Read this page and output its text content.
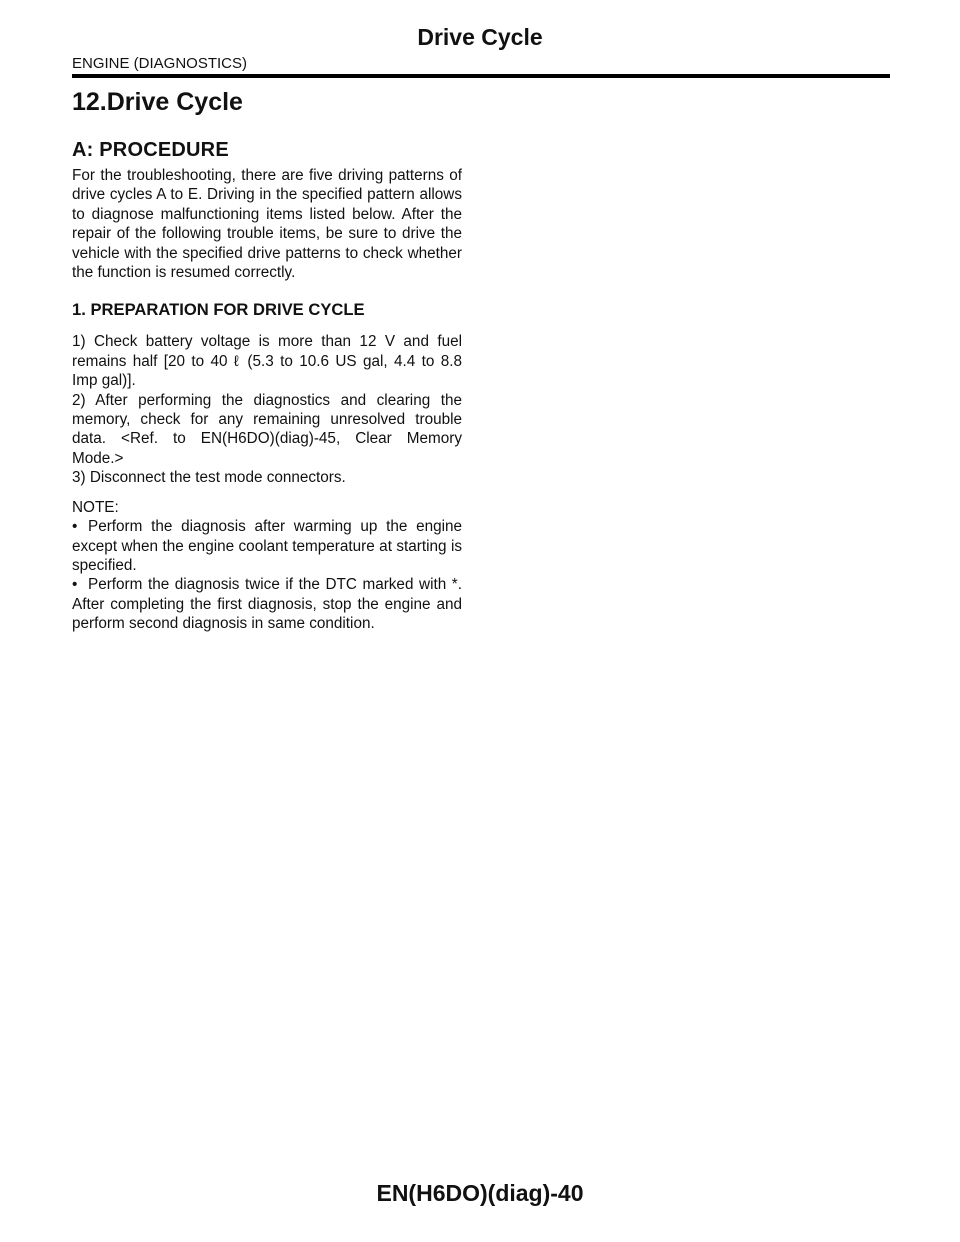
Drive Cycle
ENGINE (DIAGNOSTICS)
12.Drive Cycle
A: PROCEDURE

For the troubleshooting, there are five driving patterns of drive cycles A to E. Driving in the specified pattern allows to diagnose malfunctioning items listed below. After the repair of the following trouble items, be sure to drive the vehicle with the specified drive patterns to check whether the function is resumed correctly.

1. PREPARATION FOR DRIVE CYCLE

1) Check battery voltage is more than 12 V and fuel remains half [20 to 40 ℓ (5.3 to 10.6 US gal, 4.4 to 8.8 Imp gal)].

2) After performing the diagnostics and clearing the memory, check for any remaining unresolved trouble data. <Ref. to EN(H6DO)(diag)-45, Clear Memory Mode.>

3) Disconnect the test mode connectors.

NOTE:

• Perform the diagnosis after warming up the engine except when the engine coolant temperature at starting is specified.

• Perform the diagnosis twice if the DTC marked with *. After completing the first diagnosis, stop the engine and perform second diagnosis in same condition.

EN(H6DO)(diag)-40
